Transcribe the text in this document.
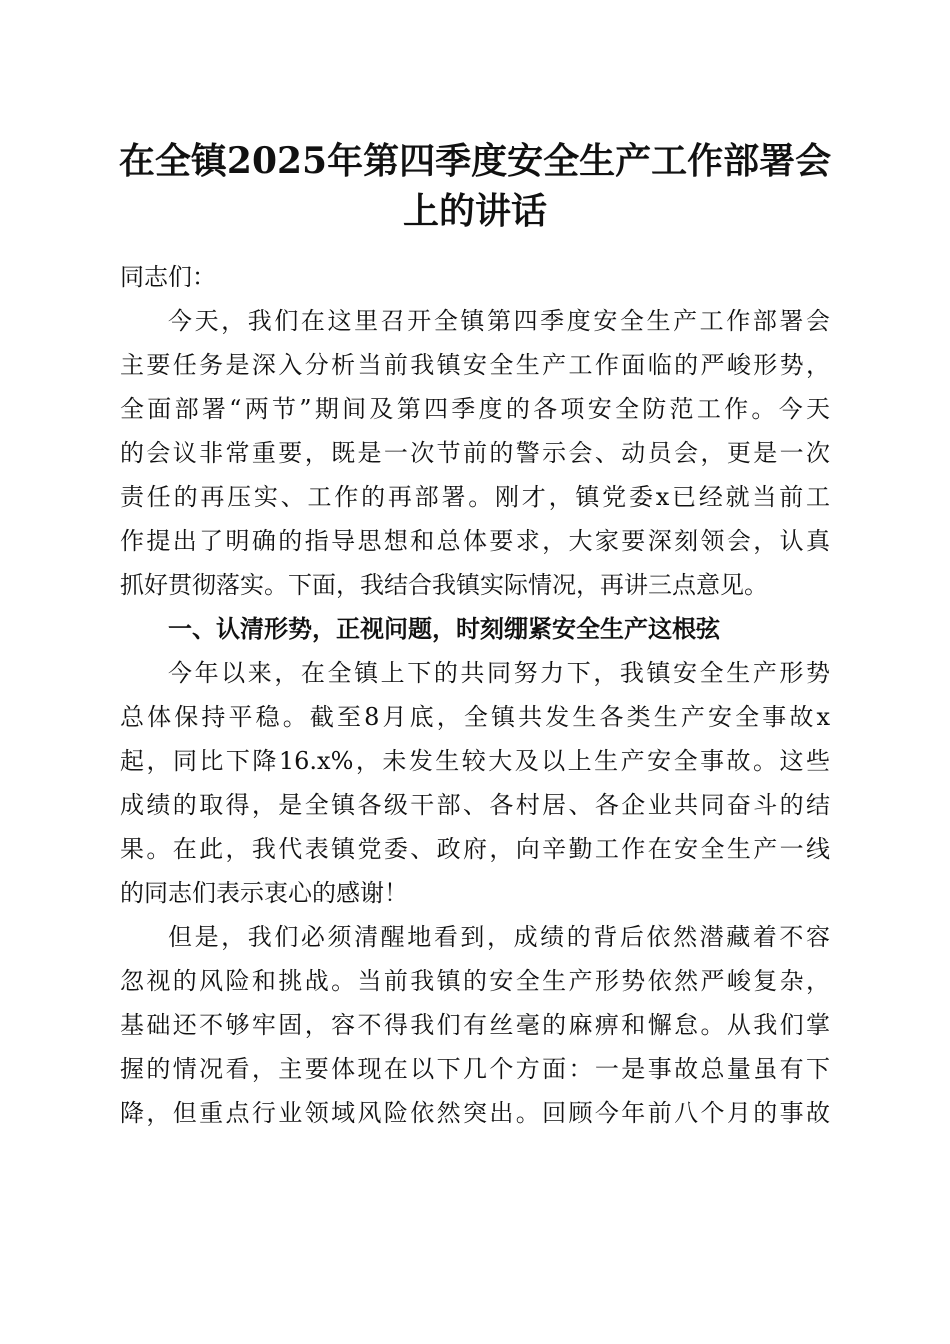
在全镇2025年第四季度安全生产工作部署会
上的讲话
同志们：
今天，我们在这里召开全镇第四季度安全生产工作部署会
主要任务是深入分析当前我镇安全生产工作面临的严峻形势，
全面部署“两节”期间及第四季度的各项安全防范工作。今天
的会议非常重要，既是一次节前的警示会、动员会，更是一次
责任的再压实、工作的再部署。刚才，镇党委x已经就当前工
作提出了明确的指导思想和总体要求，大家要深刻领会，认真
抓好贯彻落实。下面，我结合我镇实际情况，再讲三点意见。
一、认清形势，正视问题，时刻绷紧安全生产这根弦
今年以来，在全镇上下的共同努力下，我镇安全生产形势
总体保持平稳。截至8月底，全镇共发生各类生产安全事故x
起，同比下降16.x%，未发生较大及以上生产安全事故。这些
成绩的取得，是全镇各级干部、各村居、各企业共同奋斗的结
果。在此，我代表镇党委、政府，向辛勤工作在安全生产一线
的同志们表示衷心的感谢！
但是，我们必须清醒地看到，成绩的背后依然潜藏着不容
忽视的风险和挑战。当前我镇的安全生产形势依然严峻复杂，
基础还不够牢固，容不得我们有丝毫的麻痹和懈怠。从我们掌
握的情况看，主要体现在以下几个方面：一是事故总量虽有下
降，但重点行业领域风险依然突出。回顾今年前八个月的事故
